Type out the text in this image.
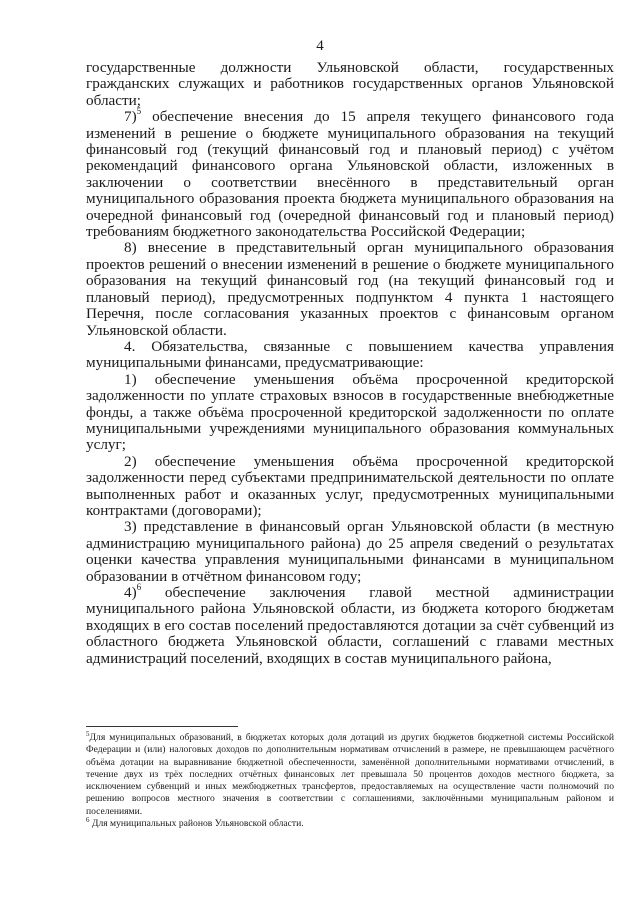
4

государственные должности Ульяновской области, государственных гражданских служащих и работников государственных органов Ульяновской области;

7)$^5$ обеспечение внесения до 15 апреля текущего финансового года изменений в решение о бюджете муниципального образования на текущий финансовый год (текущий финансовый год и плановый период) с учётом рекомендаций финансового органа Ульяновской области, изложенных в заключении о соответствии внесённого в представительный орган муниципального образования проекта бюджета муниципального образования на очередной финансовый год (очередной финансовый год и плановый период) требованиям бюджетного законодательства Российской Федерации;

8) внесение в представительный орган муниципального образования проектов решений о внесении изменений в решение о бюджете муниципального образования на текущий финансовый год (на текущий финансовый год и плановый период), предусмотренных подпунктом 4 пункта 1 настоящего Перечня, после согласования указанных проектов с финансовым органом Ульяновской области.

4. Обязательства, связанные с повышением качества управления муниципальными финансами, предусматривающие:

1) обеспечение уменьшения объёма просроченной кредиторской задолженности по уплате страховых взносов в государственные внебюджетные фонды, а также объёма просроченной кредиторской задолженности по оплате муниципальными учреждениями муниципального образования коммунальных услуг;

2) обеспечение уменьшения объёма просроченной кредиторской задолженности перед субъектами предпринимательской деятельности по оплате выполненных работ и оказанных услуг, предусмотренных муниципальными контрактами (договорами);

3) представление в финансовый орган Ульяновской области (в местную администрацию муниципального района) до 25 апреля сведений о результатах оценки качества управления муниципальными финансами в муниципальном образовании в отчётном финансовом году;

4)$^6$ обеспечение заключения главой местной администрации муниципального района Ульяновской области, из бюджета которого бюджетам входящих в его состав поселений предоставляются дотации за счёт субвенций из областного бюджета Ульяновской области, соглашений с главами местных администраций поселений, входящих в состав муниципального района,

$^5$Для муниципальных образований, в бюджетах которых доля дотаций из других бюджетов бюджетной системы Российской Федерации и (или) налоговых доходов по дополнительным нормативам отчислений в размере, не превышающем расчётного объёма дотации на выравнивание бюджетной обеспеченности, заменённой дополнительными нормативами отчислений, в течение двух из трёх последних отчётных финансовых лет превышала 50 процентов доходов местного бюджета, за исключением субвенций и иных межбюджетных трансфертов, предоставляемых на осуществление части полномочий по решению вопросов местного значения в соответствии с соглашениями, заключёнными муниципальным районом и поселениями.

$^6$ Для муниципальных районов Ульяновской области.
